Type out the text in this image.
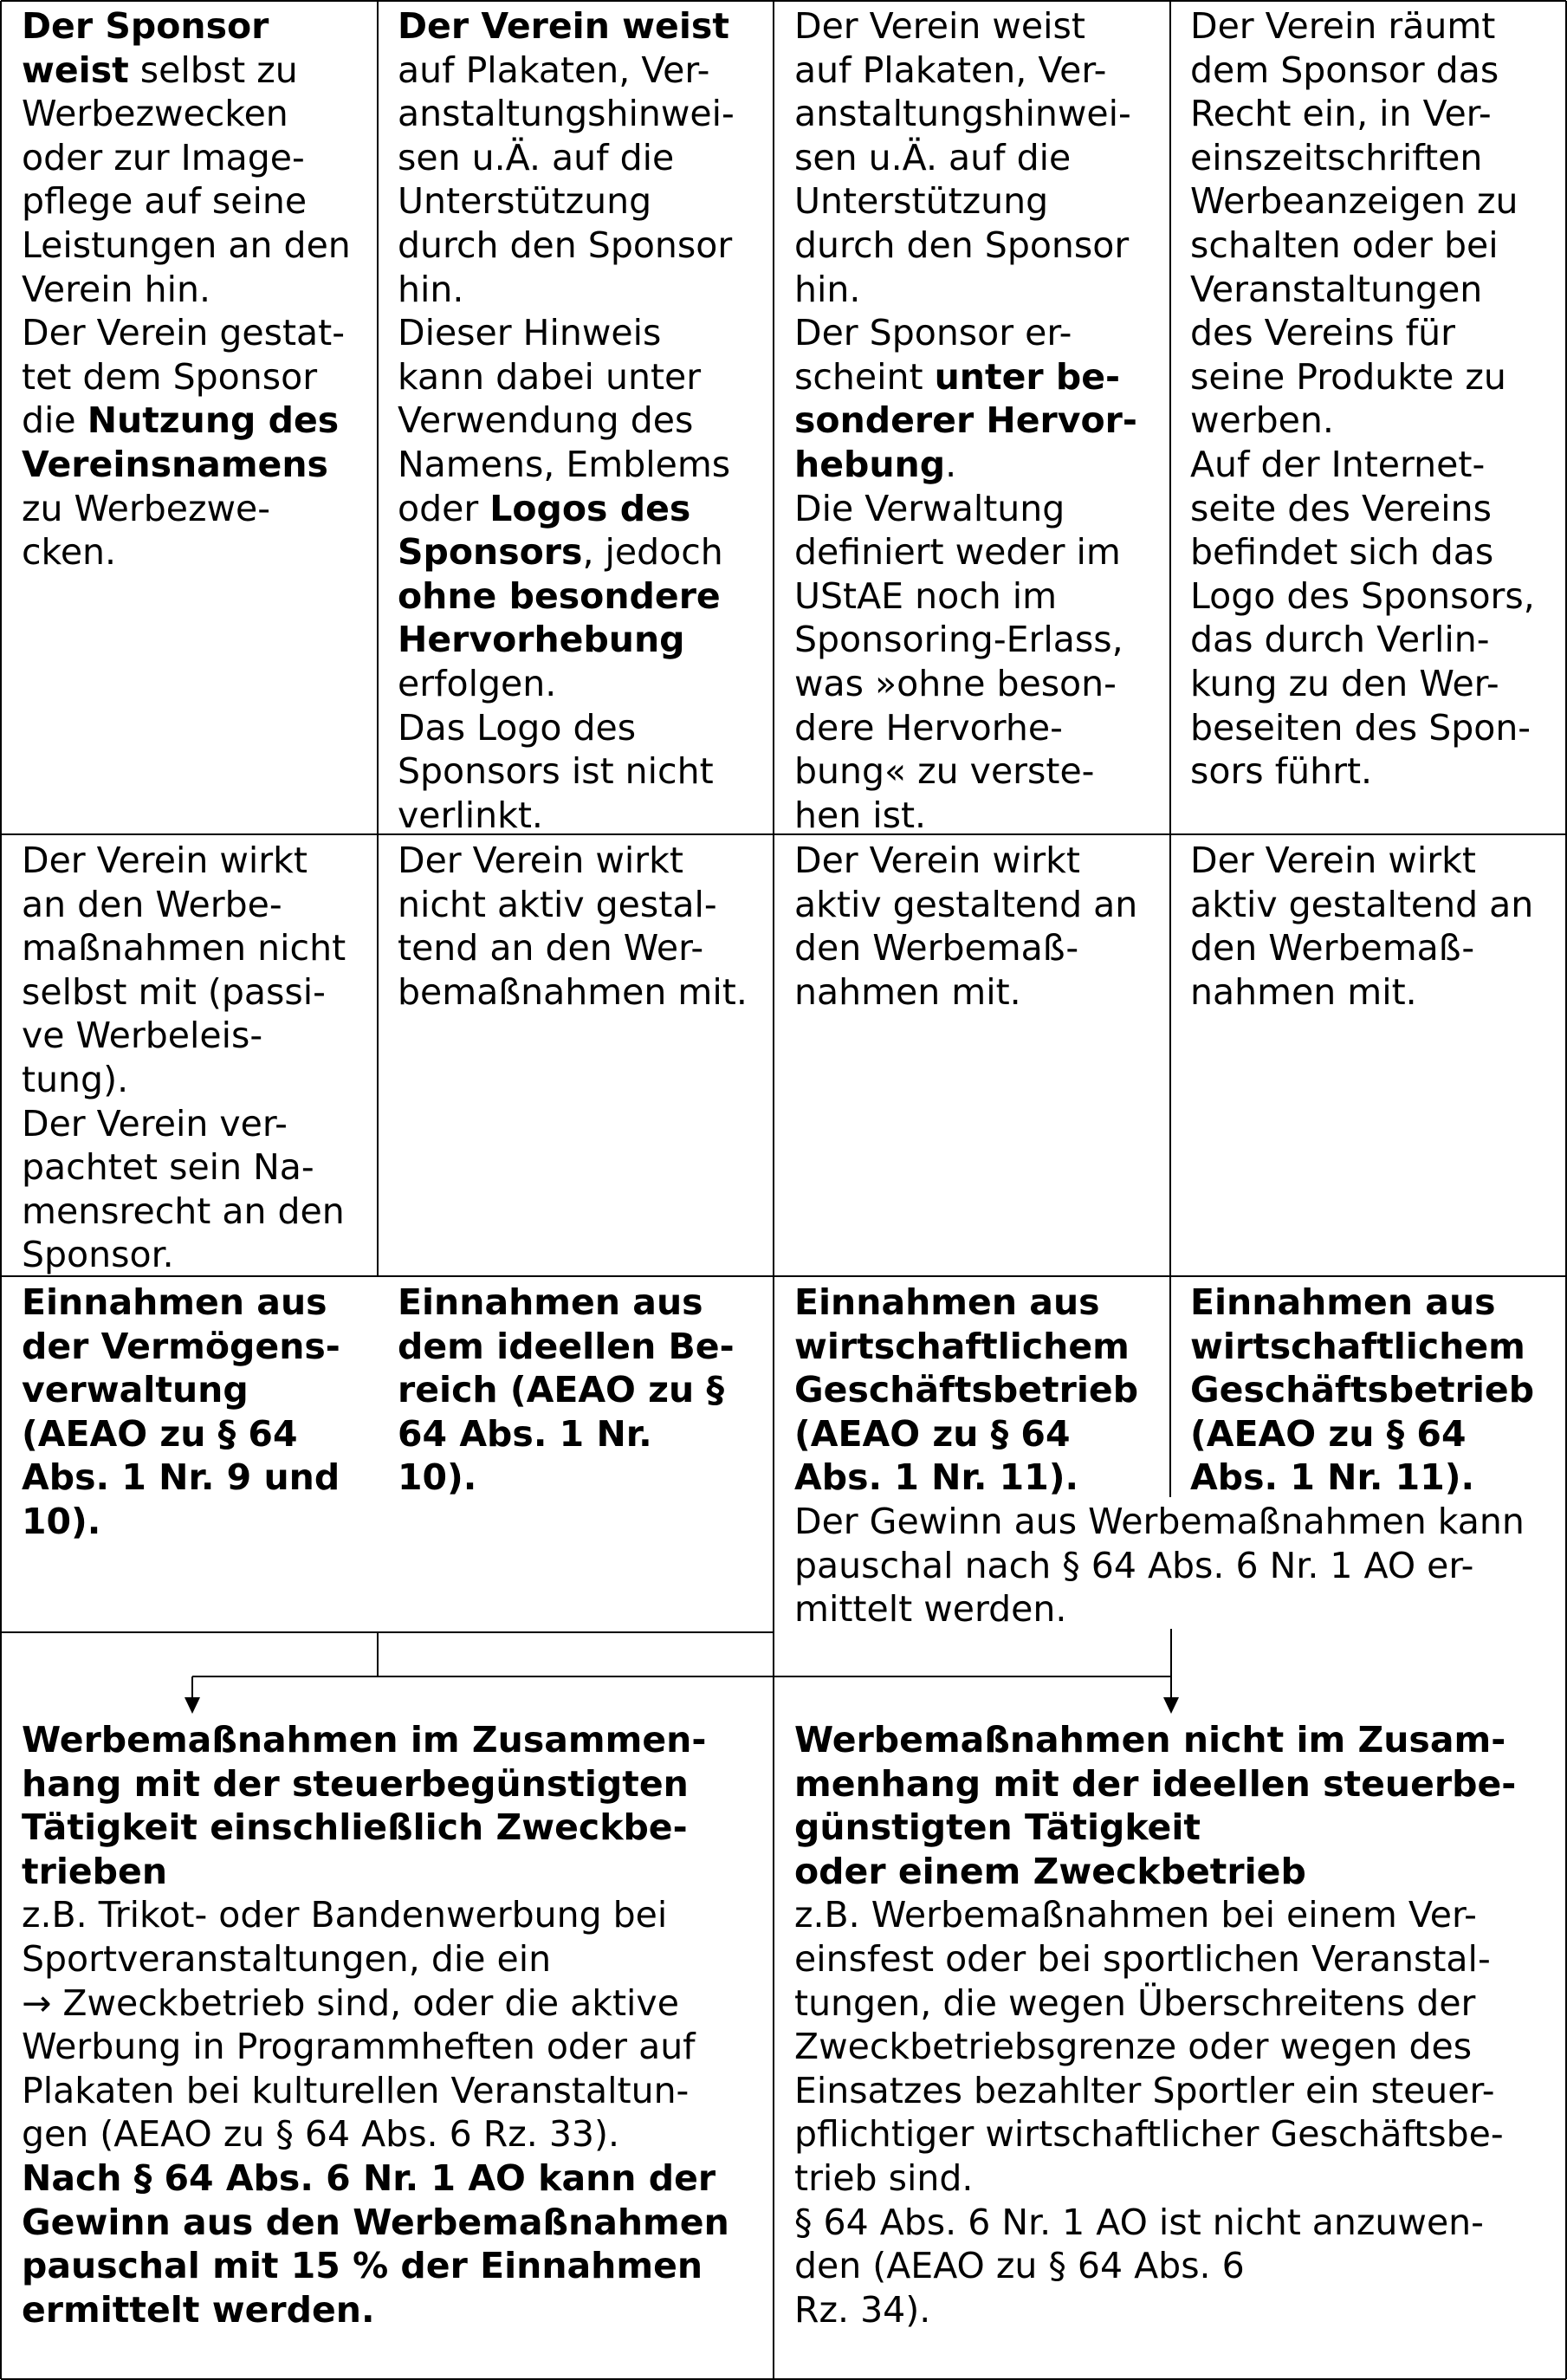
Der Sponsor

weist selbst zu

Werbezwecken

oder zur Image-

pflege auf seine

Leistungen an den

Verein hin.

Der Verein gestat-

tet dem Sponsor

die Nutzung des

Vereinsnamens

zu Werbezwe-

cken.

Der Verein weist

auf Plakaten, Ver-

anstaltungshinwei-

sen u.Ä. auf die

Unterstützung

durch den Sponsor

hin.

Dieser Hinweis

kann dabei unter

Verwendung des

Namens, Emblems

oder Logos des

Sponsors, jedoch

ohne besondere

Hervorhebung

erfolgen.

Das Logo des

Sponsors ist nicht

verlinkt.

Der Verein weist

auf Plakaten, Ver-

anstaltungshinwei-

sen u.Ä. auf die

Unterstützung

durch den Sponsor

hin.

Der Sponsor er-

scheint unter be-

sonderer Hervor-

hebung.

Die Verwaltung

definiert weder im

UStAE noch im

Sponsoring-Erlass,

was »ohne beson-

dere Hervorhe-

bung« zu verste-

hen ist.

Der Verein räumt

dem Sponsor das

Recht ein, in Ver-

einszeitschriften

Werbeanzeigen zu

schalten oder bei

Veranstaltungen

des Vereins für

seine Produkte zu

werben.

Auf der Internet-

seite des Vereins

befindet sich das

Logo des Sponsors,

das durch Verlin-

kung zu den Wer-

beseiten des Spon-

sors führt.

Der Verein wirkt

an den Werbe-

maßnahmen nicht

selbst mit (passi-

ve Werbeleis-

tung).

Der Verein ver-

pachtet sein Na-

mensrecht an den

Sponsor.

Der Verein wirkt

nicht aktiv gestal-

tend an den Wer-

bemaßnahmen mit.

Der Verein wirkt

aktiv gestaltend an

den Werbemaß-

nahmen mit.

Der Verein wirkt

aktiv gestaltend an

den Werbemaß-

nahmen mit.

Einnahmen aus

der Vermögens-

verwaltung

(AEAO zu § 64

Abs. 1 Nr. 9 und

10).

Einnahmen aus

dem ideellen Be-

reich (AEAO zu §

64 Abs. 1 Nr.

10).

Einnahmen aus

wirtschaftlichem

Geschäftsbetrieb

(AEAO zu § 64

Abs. 1 Nr. 11).

Einnahmen aus

wirtschaftlichem

Geschäftsbetrieb

(AEAO zu § 64

Abs. 1 Nr. 11).

Der Gewinn aus Werbemaßnahmen kann

pauschal nach § 64 Abs. 6 Nr. 1 AO er-

mittelt werden.

Werbemaßnahmen im Zusammen-

hang mit der steuerbegünstigten

Tätigkeit einschließlich Zweckbe-

trieben

z.B. Trikot- oder Bandenwerbung bei

Sportveranstaltungen, die ein

→ Zweckbetrieb sind, oder die aktive

Werbung in Programmheften oder auf

Plakaten bei kulturellen Veranstaltun-

gen (AEAO zu § 64 Abs. 6 Rz. 33).

Nach § 64 Abs. 6 Nr. 1 AO kann der

Gewinn aus den Werbemaßnahmen

pauschal mit 15 % der Einnahmen

ermittelt werden.

Werbemaßnahmen nicht im Zusam-

menhang mit der ideellen steuerbe-

günstigten Tätigkeit

oder einem Zweckbetrieb

z.B. Werbemaßnahmen bei einem Ver-

einsfest oder bei sportlichen Veranstal-

tungen, die wegen Überschreitens der

Zweckbetriebsgrenze oder wegen des

Einsatzes bezahlter Sportler ein steuer-

pflichtiger wirtschaftlicher Geschäftsbe-

trieb sind.

§ 64 Abs. 6 Nr. 1 AO ist nicht anzuwen-

den (AEAO zu § 64 Abs. 6

Rz. 34).
